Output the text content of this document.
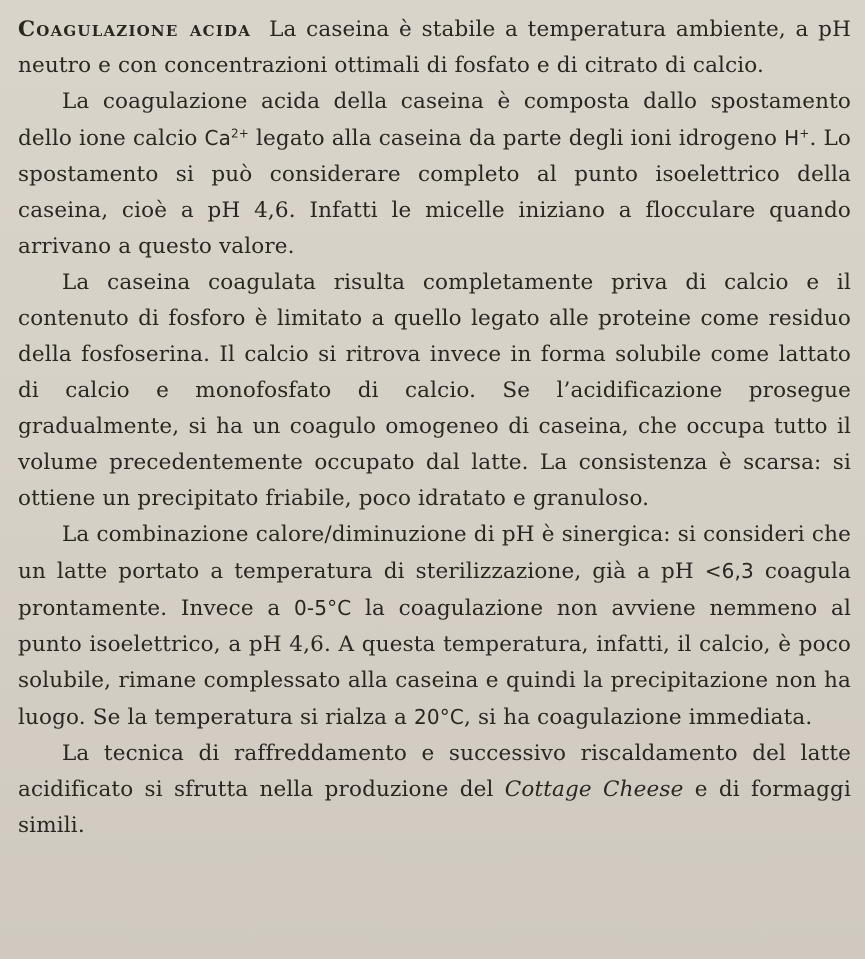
Coagulazione acida La caseina è stabile a temperatura ambiente, a pH neutro e con concentrazioni ottimali di fosfato e di citrato di calcio.

La coagulazione acida della caseina è composta dallo spostamento dello ione calcio $Ca^{2+}$ legato alla caseina da parte degli ioni idrogeno H+. Lo spostamento si può considerare completo al punto isoelettrico della caseina, cioè a pH 4,6. Infatti le micelle iniziano a flocculare quando arrivano a questo valore.

La caseina coagulata risulta completamente priva di calcio e il contenuto di fosforo è limitato a quello legato alle proteine come residuo della fosfoserina. Il calcio si ritrova invece in forma solubile come lattato di calcio e monofosfato di calcio. Se l’acidificazione prosegue gradualmente, si ha un coagulo omogeneo di caseina, che occupa tutto il volume precedentemente occupato dal latte. La consistenza è scarsa: si ottiene un precipitato friabile, poco idratato e granuloso.

La combinazione calore/diminuzione di pH è sinergica: si consideri che un latte portato a temperatura di sterilizzazione, già a pH <6,3 coagula prontamente. Invece a 0-5°C la coagulazione non avviene nemmeno al punto isoelettrico, a pH 4,6. A questa temperatura, infatti, il calcio, è poco solubile, rimane complessato alla caseina e quindi la precipitazione non ha luogo. Se la temperatura si rialza a 20°C, si ha coagulazione immediata.

La tecnica di raffreddamento e successivo riscaldamento del latte acidificato si sfrutta nella produzione del Cottage Cheese e di formaggi simili.
